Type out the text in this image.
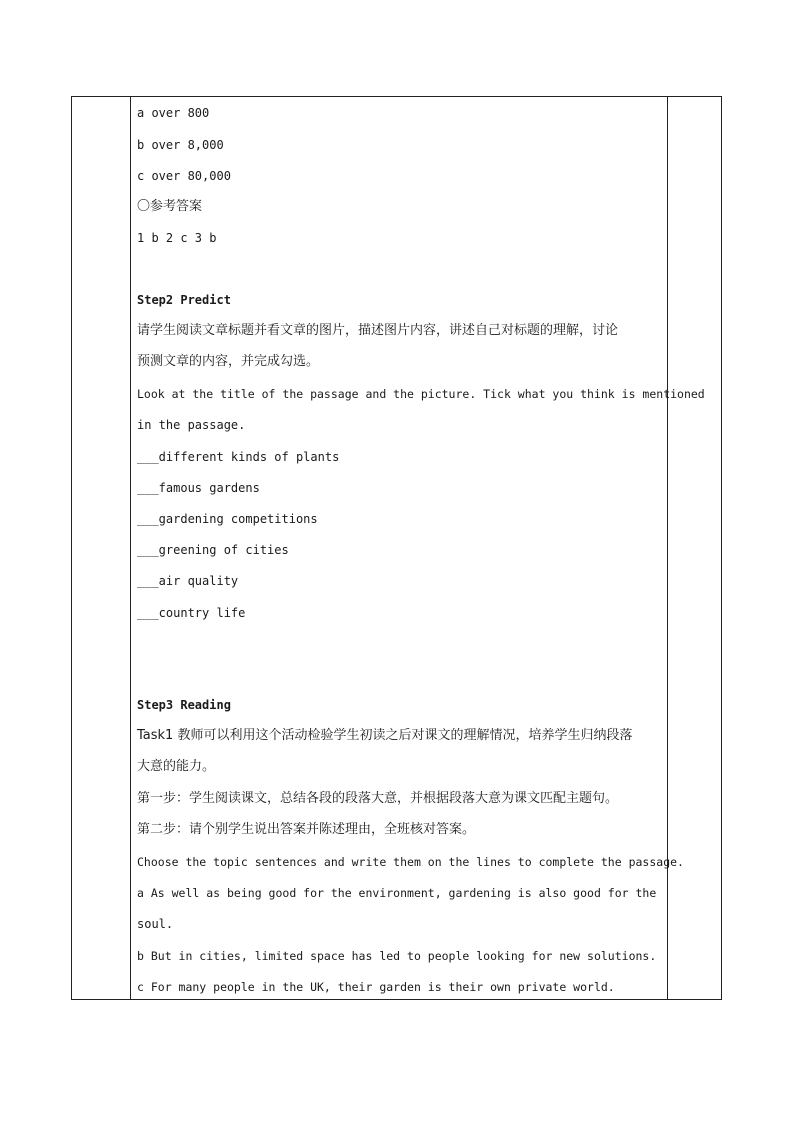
a over 800
b over 8,000
c over 80,000
〇参考答案
1 b 2 c 3 b
Step2 Predict
请学生阅读文章标题并看文章的图片，描述图片内容，讲述自己对标题的理解，讨论
预测文章的内容，并完成勾选。
Look at the title of the passage and the picture. Tick what you think is mentioned
in the passage.
___different kinds of plants
___famous gardens
___gardening competitions
___greening of cities
___air quality
___country life
Step3 Reading
Task1 教师可以利用这个活动检验学生初读之后对课文的理解情况，培养学生归纳段落
大意的能力。
第一步：学生阅读课文，总结各段的段落大意，并根据段落大意为课文匹配主题句。
第二步：请个别学生说出答案并陈述理由，全班核对答案。
Choose the topic sentences and write them on the lines to complete the passage.
a As well as being good for the environment, gardening is also good for the
soul.
b But in cities, limited space has led to people looking for new solutions.
c For many people in the UK, their garden is their own private world.
